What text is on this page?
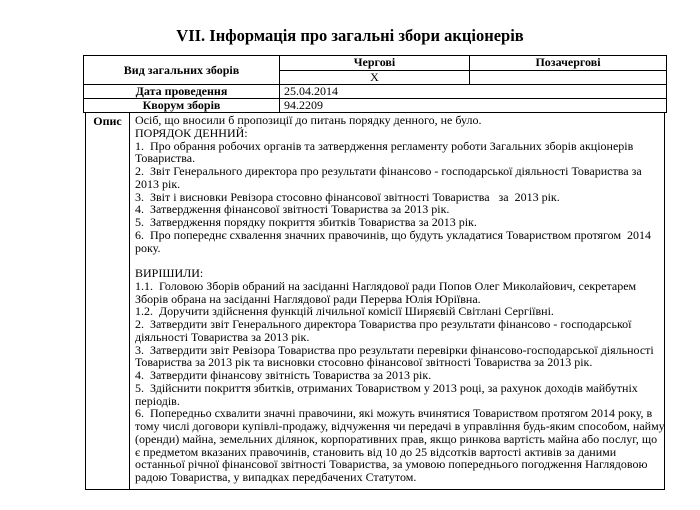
VII. Інформація про загальні збори акціонерів
Вид загальних зборів	Чергові	Позачергові
	X	
Дата проведення	25.04.2014	
Кворум зборів	94.2209	
Опис	Осіб, що вносили б пропозиції до питань порядку денного, не було.
ПОРЯДОК ДЕННИЙ:
1.  Про обрання робочих органів та затвердження регламенту роботи Загальних зборів акціонерів Товариства.
2.  Звіт Генерального директора про результати фінансово - господарської діяльності Товариства за 2013 рік.
3.  Звіт і висновки Ревізора стосовно фінансової звітності Товариства   за  2013 рік.
4.  Затвердження фінансової звітності Товариства за 2013 рік.
5.  Затвердження порядку покриття збитків Товариства за 2013 рік.
6.  Про попереднє схвалення значних правочинів, що будуть укладатися Товариством протягом  2014 року.
ВИРІШИЛИ:
1.1.  Головою Зборів обраний на засіданні Наглядової ради Попов Олег Миколайович, секретарем Зборів обрана на засіданні Наглядової ради Перерва Юлія Юріївна.
1.2.  Доручити здійснення функцій лічильної комісії Ширяєвій Світлані Сергіївні.
2.  Затвердити звіт Генерального директора Товариства про результати фінансово - господарської діяльності Товариства за 2013 рік.
3.  Затвердити звіт Ревізора Товариства про результати перевірки фінансово-господарської діяльності Товариства за 2013 рік та висновки стосовно фінансової звітності Товариства за 2013 рік.
4.  Затвердити фінансову звітність Товариства за 2013 рік.
5.  Здійснити покриття збитків, отриманих Товариством у 2013 році, за рахунок доходів майбутніх періодів.
6.  Попередньо схвалити значні правочини, які можуть вчинятися Товариством протягом 2014 року, в тому числі договори купівлі-продажу, відчуження чи передачі в управління будь-яким способом, найму (оренди) майна, земельних ділянок, корпоративних прав, якщо ринкова вартість майна або послуг, що є предметом вказаних правочинів, становить від 10 до 25 відсотків вартості активів за даними останньої річної фінансової звітності Товариства, за умовою попереднього погодження Наглядовою радою Товариства, у випадках передбачених Статутом.
